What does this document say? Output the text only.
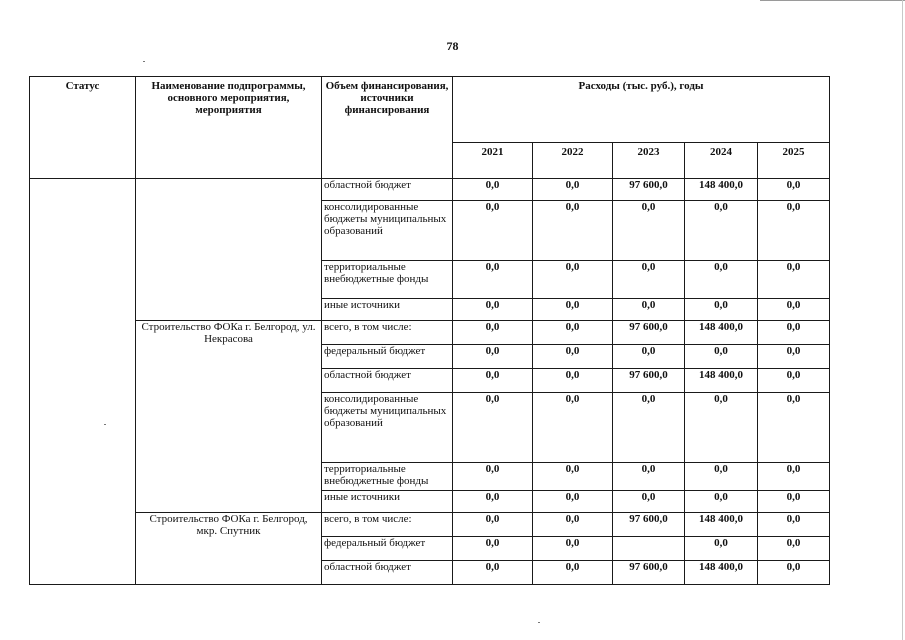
78
Статус	Наименование подпрограммы, основного мероприятия, мероприятия	Объем финансирования, источники финансирования	Расходы (тыс. руб.), годы				
			2021	2022	2023	2024	2025
		областной бюджет	0,0	0,0	97 600,0	148 400,0	0,0
		консолидированные бюджеты муниципальных образований	0,0	0,0	0,0	0,0	0,0
		территориальные внебюджетные фонды	0,0	0,0	0,0	0,0	0,0
		иные источники	0,0	0,0	0,0	0,0	0,0
	Строительство ФОКа г. Белгород, ул. Некрасова	всего, в том числе:	0,0	0,0	97 600,0	148 400,0	0,0
		федеральный бюджет	0,0	0,0	0,0	0,0	0,0
		областной бюджет	0,0	0,0	97 600,0	148 400,0	0,0
		консолидированные бюджеты муниципальных образований	0,0	0,0	0,0	0,0	0,0
		территориальные внебюджетные фонды	0,0	0,0	0,0	0,0	0,0
		иные источники	0,0	0,0	0,0	0,0	0,0
	Строительство ФОКа г. Белгород, мкр. Спутник	всего, в том числе:	0,0	0,0	97 600,0	148 400,0	0,0
		федеральный бюджет	0,0	0,0		0,0	0,0
		областной бюджет	0,0	0,0	97 600,0	148 400,0	0,0
